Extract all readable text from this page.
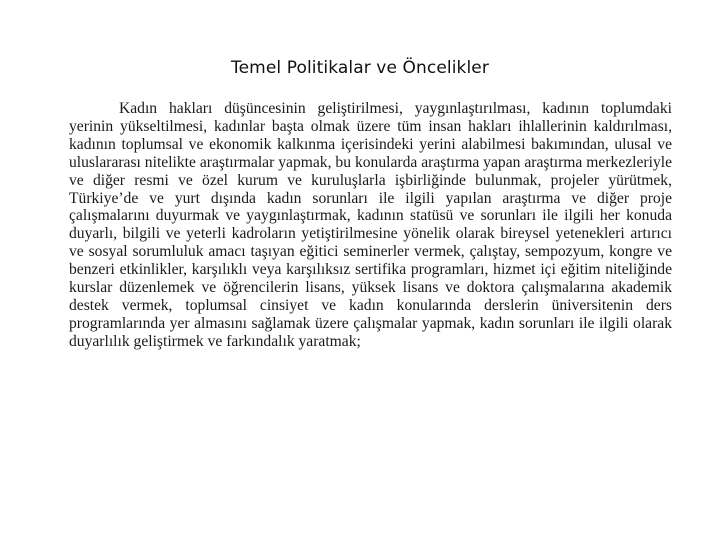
Temel Politikalar ve Öncelikler

Kadın hakları düşüncesinin geliştirilmesi, yaygınlaştırılması, kadının toplumdaki yerinin yükseltilmesi, kadınlar başta olmak üzere tüm insan hakları ihlallerinin kaldırılması, kadının toplumsal ve ekonomik kalkınma içerisindeki yerini alabilmesi bakımından, ulusal ve uluslararası nitelikte araştırmalar yapmak, bu konularda araştırma yapan araştırma merkezleriyle ve diğer resmi ve özel kurum ve kuruluşlarla işbirliğinde bulunmak, projeler yürütmek, Türkiye’de ve yurt dışında kadın sorunları ile ilgili yapılan araştırma ve diğer proje çalışmalarını duyurmak ve yaygınlaştırmak, kadının statüsü ve sorunları ile ilgili her konuda duyarlı, bilgili ve yeterli kadroların yetiştirilmesine yönelik olarak bireysel yetenekleri artırıcı ve sosyal sorumluluk amacı taşıyan eğitici seminerler vermek, çalıştay, sempozyum, kongre ve benzeri etkinlikler, karşılıklı veya karşılıksız sertifika programları, hizmet içi eğitim niteliğinde kurslar düzenlemek ve öğrencilerin lisans, yüksek lisans ve doktora çalışmalarına akademik destek vermek, toplumsal cinsiyet ve kadın konularında derslerin üniversitenin ders programlarında yer almasını sağlamak üzere çalışmalar yapmak, kadın sorunları ile ilgili olarak duyarlılık geliştirmek ve farkındalık yaratmak;
